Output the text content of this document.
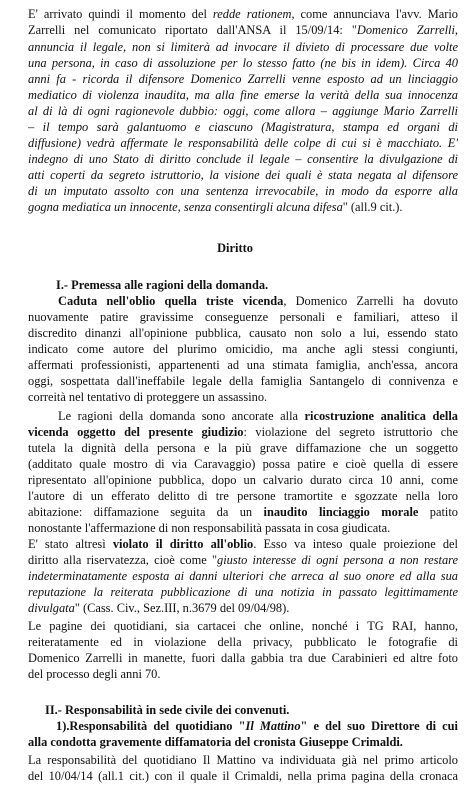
E' arrivato quindi il momento del redde rationem, come annunciava l'avv. Mario
Zarrelli nel comunicato riportato dall'ANSA il 15/09/14: "Domenico Zarrelli,
annuncia il legale, non si limiterà ad invocare il divieto di processare due volte
una persona, in caso di assoluzione per lo stesso fatto (ne bis in idem). Circa 40
anni fa - ricorda il difensore Domenico Zarrelli venne esposto ad un linciaggio
mediatico di violenza inaudita, ma alla fine emerse la verità della sua innocenza
al di là di ogni ragionevole dubbio: oggi, come allora – aggiunge Mario Zarrelli
– il tempo sarà galantuomo e ciascuno (Magistratura, stampa ed organi di
diffusione) vedrà affermate le responsabilità delle colpe di cui si è macchiato. E'
indegno di uno Stato di diritto conclude il legale – consentire la divulgazione di
atti coperti da segreto istruttorio, la visione dei quali è stata negata al difensore
di un imputato assolto con una sentenza irrevocabile, in modo da esporre alla
gogna mediatica un innocente, senza consentirgli alcuna difesa" (all.9 cit.).
Diritto
I.- Premessa alle ragioni della domanda.
Caduta nell'oblio quella triste vicenda, Domenico Zarrelli ha dovuto
nuovamente patire gravissime conseguenze personali e familiari, atteso il
discredito dinanzi all'opinione pubblica, causato non solo a lui, essendo stato
indicato come autore del plurimo omicidio, ma anche agli stessi congiunti,
affermati professionisti, appartenenti ad una stimata famiglia, anch'essa, ancora
oggi, sospettata dall'ineffabile legale della famiglia Santangelo di connivenza e
correità nel tentativo di proteggere un assassino.
Le ragioni della domanda sono ancorate alla ricostruzione analitica della
vicenda oggetto del presente giudizio: violazione del segreto istruttorio che
tutela la dignità della persona e la più grave diffamazione che un soggetto
(additato quale mostro di via Caravaggio) possa patire e cioè quella di essere
ripresentato all'opinione pubblica, dopo un calvario durato circa 10 anni, come
l'autore di un efferato delitto di tre persone tramortite e sgozzate nella loro
abitazione: diffamazione seguita da un inaudito linciaggio morale patito
nonostante l'affermazione di non responsabilità passata in cosa giudicata.
E' stato altresì violato il diritto all'oblio. Esso va inteso quale proiezione del
diritto alla riservatezza, cioè come "giusto interesse di ogni persona a non restare
indeterminatamente esposta ai danni ulteriori che arreca al suo onore ed alla sua
reputazione la reiterata pubblicazione di una notizia in passato legittimamente
divulgata" (Cass. Civ., Sez.III, n.3679 del 09/04/98).
Le pagine dei quotidiani, sia cartacei che online, nonché i TG RAI, hanno,
reiteratamente ed in violazione della privacy, pubblicato le fotografie di
Domenico Zarrelli in manette, fuori dalla gabbia tra due Carabinieri ed altre foto
del processo degli anni 70.
II.- Responsabilità in sede civile dei convenuti.
1).Responsabilità del quotidiano "Il Mattino" e del suo Direttore di cui
alla condotta gravemente diffamatoria del cronista Giuseppe Crimaldi.
La responsabilità del quotidiano Il Mattino va individuata già nel primo articolo
del 10/04/14 (all.1 cit.) con il quale il Crimaldi, nella prima pagina della cronaca
